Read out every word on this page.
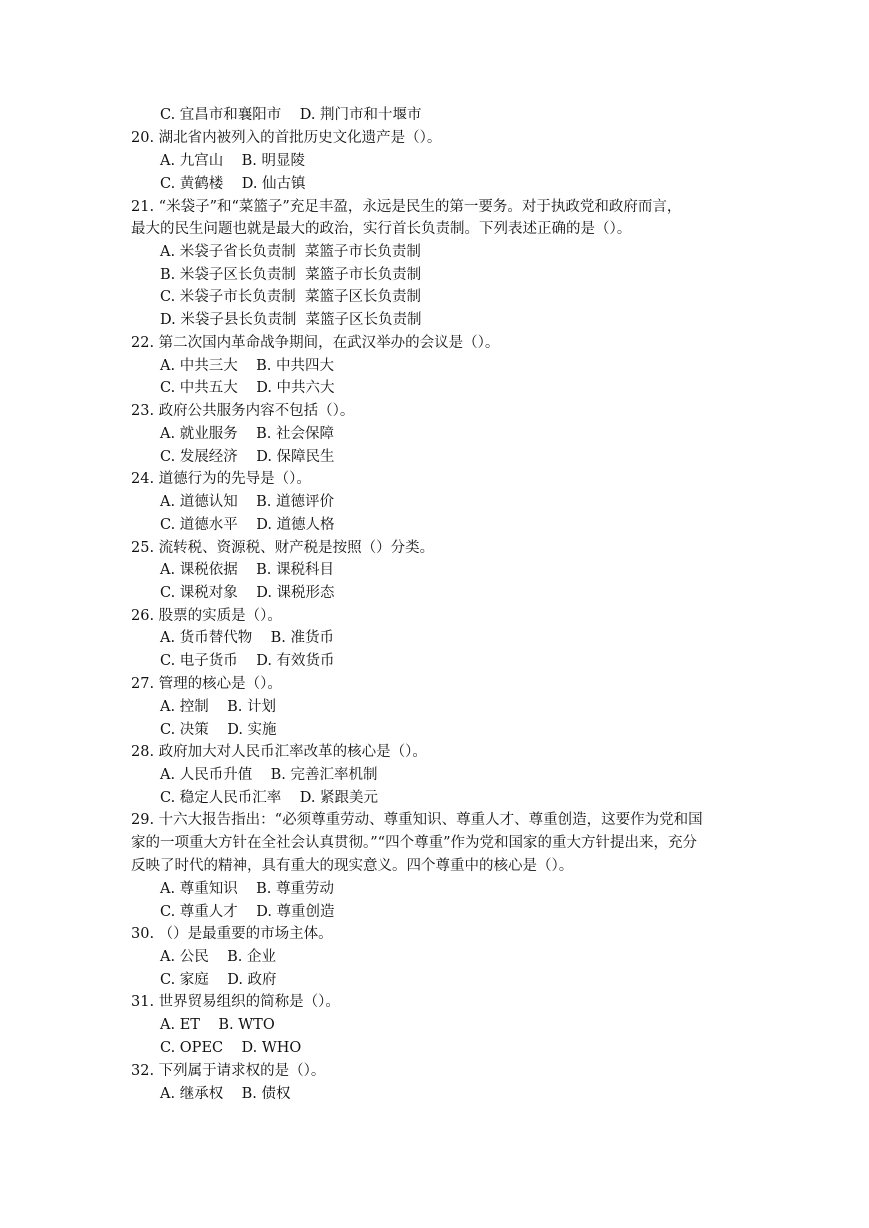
C. 宜昌市和襄阳市    D. 荆门市和十堰市
20. 湖北省内被列入的首批历史文化遗产是（）。
A. 九宫山    B. 明显陵
C. 黄鹤楼    D. 仙古镇
21. “米袋子”和“菜篮子”充足丰盈，永远是民生的第一要务。对于执政党和政府而言，
最大的民生问题也就是最大的政治，实行首长负责制。下列表述正确的是（）。
A. 米袋子省长负责制  菜篮子市长负责制
B. 米袋子区长负责制  菜篮子市长负责制
C. 米袋子市长负责制  菜篮子区长负责制
D. 米袋子县长负责制  菜篮子区长负责制
22. 第二次国内革命战争期间，在武汉举办的会议是（）。
A. 中共三大    B. 中共四大
C. 中共五大    D. 中共六大
23. 政府公共服务内容不包括（）。
A. 就业服务    B. 社会保障
C. 发展经济    D. 保障民生
24. 道德行为的先导是（）。
A. 道德认知    B. 道德评价
C. 道德水平    D. 道德人格
25. 流转税、资源税、财产税是按照（）分类。
A. 课税依据    B. 课税科目
C. 课税对象    D. 课税形态
26. 股票的实质是（）。
A. 货币替代物    B. 准货币
C. 电子货币    D. 有效货币
27. 管理的核心是（）。
A. 控制    B. 计划
C. 决策    D. 实施
28. 政府加大对人民币汇率改革的核心是（）。
A. 人民币升值    B. 完善汇率机制
C. 稳定人民币汇率    D. 紧跟美元
29. 十六大报告指出：“必须尊重劳动、尊重知识、尊重人才、尊重创造，这要作为党和国
家的一项重大方针在全社会认真贯彻。”“四个尊重”作为党和国家的重大方针提出来，充分
反映了时代的精神，具有重大的现实意义。四个尊重中的核心是（）。
A. 尊重知识    B. 尊重劳动
C. 尊重人才    D. 尊重创造
30. （）是最重要的市场主体。
A. 公民    B. 企业
C. 家庭    D. 政府
31. 世界贸易组织的简称是（）。
A. ET    B. WTO
C. OPEC    D. WHO
32. 下列属于请求权的是（）。
A. 继承权    B. 债权
